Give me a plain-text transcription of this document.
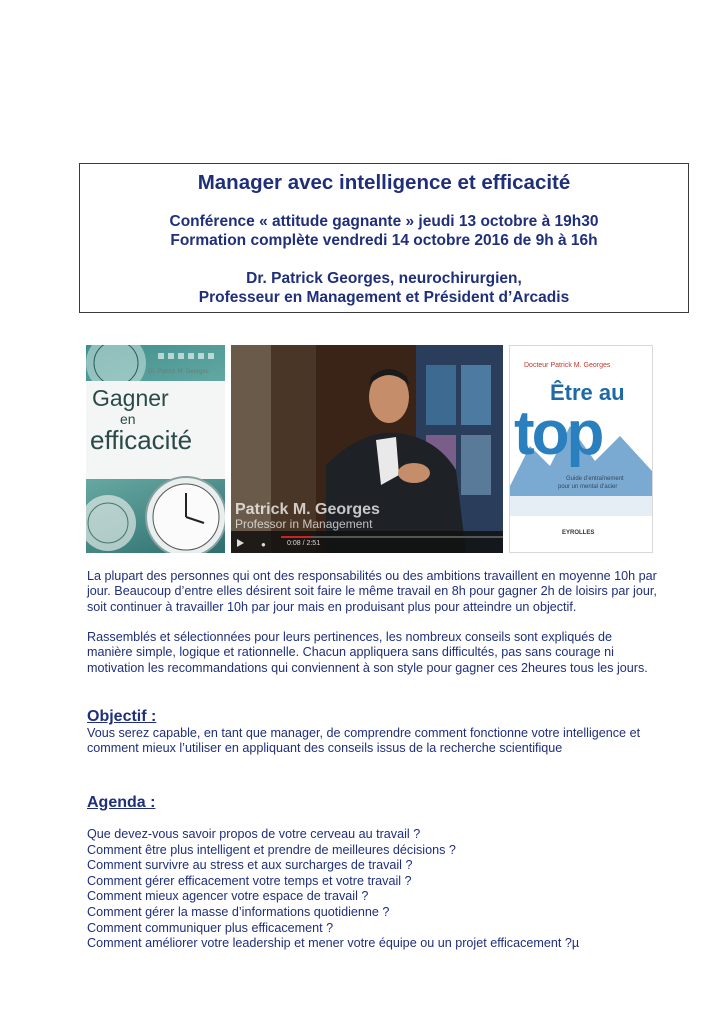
Manager avec intelligence et efficacité
Conférence « attitude gagnante » jeudi 13 octobre à 19h30
Formation complète vendredi 14 octobre 2016 de 9h à 16h
Dr. Patrick Georges, neurochirurgien,
Professeur en Management et Président d’Arcadis
Dr. Patrick M. Georges
Gagner
en
efficacité
Patrick M. Georges
Professor in Management
●	0:08 / 2:51
Docteur Patrick M. Georges
Être au
top
Guide d’entraînement
pour un mental d’acier
EYROLLES
La plupart des personnes qui ont des responsabilités ou des ambitions travaillent en moyenne 10h par jour. Beaucoup d’entre elles désirent soit faire le même travail en 8h pour gagner 2h de loisirs par jour, soit continuer à travailler 10h par jour mais en produisant plus pour atteindre un objectif.
Rassemblés et sélectionnées pour leurs pertinences, les nombreux conseils sont expliqués de manière simple, logique et rationnelle. Chacun appliquera sans difficultés, pas sans courage ni motivation les recommandations qui conviennent à son style pour gagner ces 2heures tous les jours.
Objectif :
Vous serez capable, en tant que manager, de comprendre comment fonctionne votre intelligence et comment mieux l’utiliser en appliquant des conseils issus de la recherche scientifique
Agenda :
Que devez-vous savoir propos de votre cerveau au travail ?
Comment être plus intelligent et prendre de meilleures décisions ?
Comment survivre au stress et aux surcharges de travail ?
Comment gérer efficacement votre temps et votre travail ?
Comment mieux agencer votre espace de travail ?
Comment gérer la masse d’informations quotidienne ?
Comment communiquer plus efficacement ?
Comment améliorer votre leadership et mener votre équipe ou un projet efficacement ?µ
